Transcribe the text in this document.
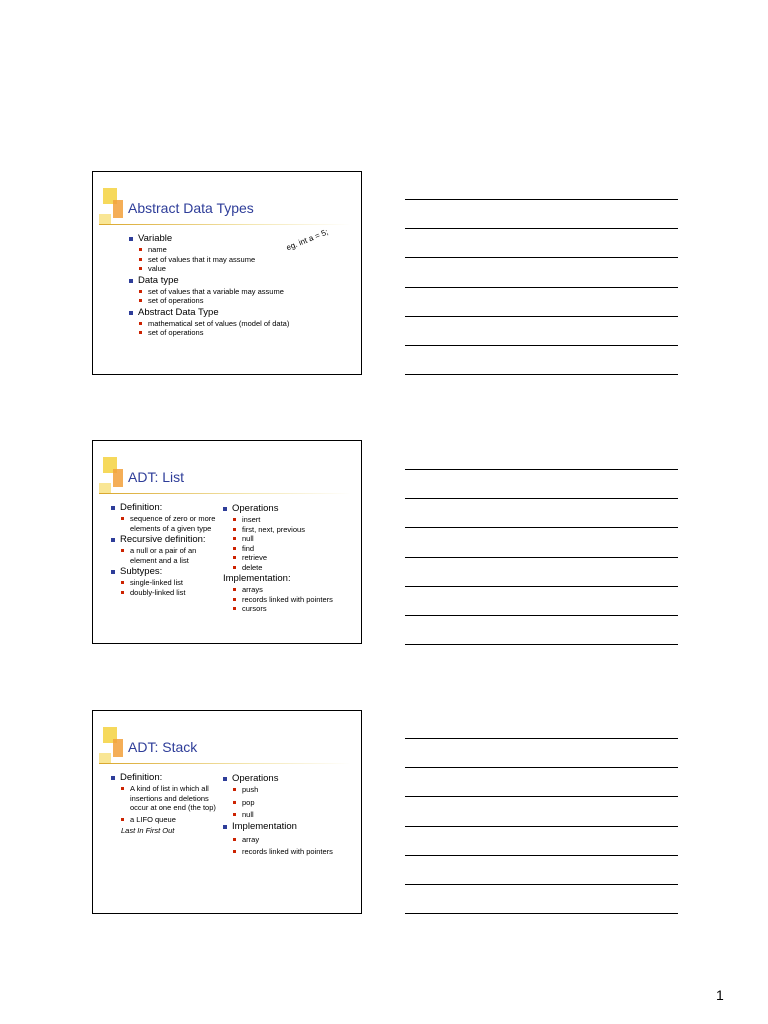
Abstract Data Types
eg. int a = 5;
Variable
name
set of values that it may assume
value
Data type
set of values that a variable may assume
set of operations
Abstract Data Type
mathematical set of values (model of data)
set of operations
ADT: List
Definition:
sequence of zero or more elements of a given type
Recursive definition:
a null or a pair of an element and a list
Subtypes:
single-linked list
doubly-linked list
Operations
insert
first, next, previous
null
find
retrieve
delete
Implementation:
arrays
records linked with pointers
cursors
ADT: Stack
Definition:
A kind of list in which all insertions and deletions occur at one end (the top)
a LIFO queue
Last In First Out
Operations
push
pop
null
Implementation
array
records linked with pointers
1
